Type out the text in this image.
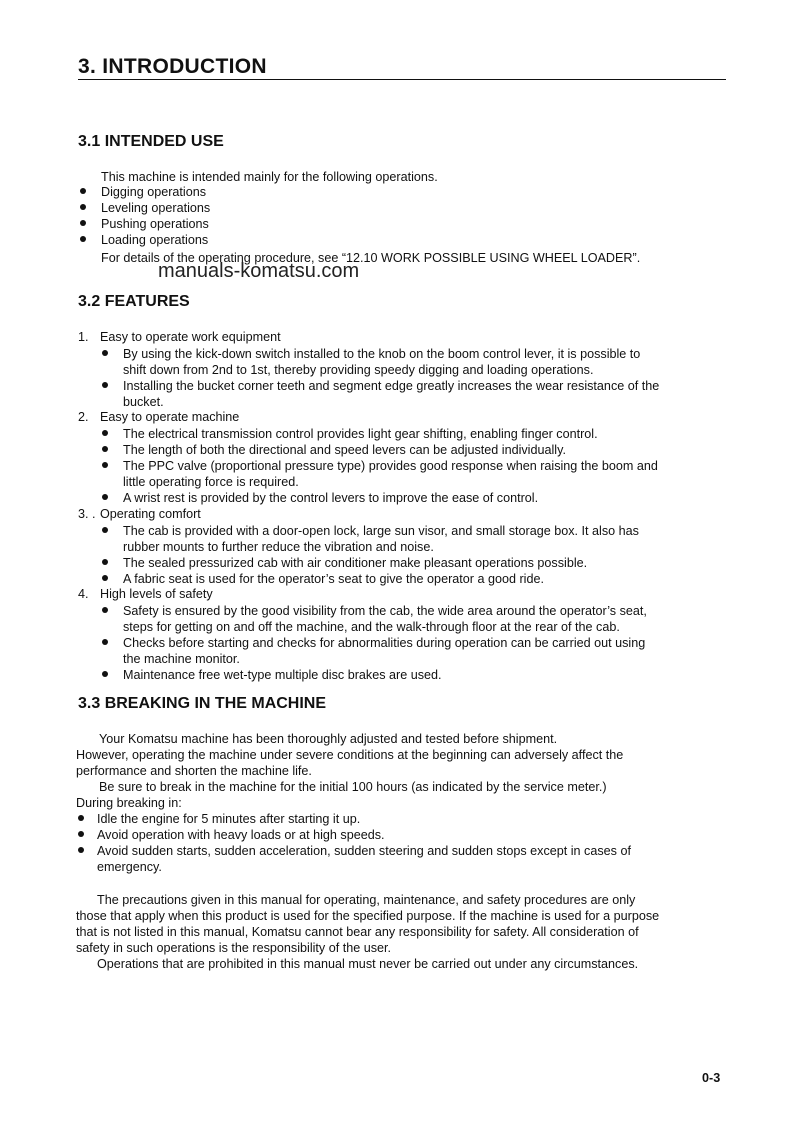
3. INTRODUCTION
3.1 INTENDED USE
This machine is intended mainly for the following operations.
Digging operations
Leveling operations
Pushing operations
Loading operations
For details of the operating procedure, see “12.10 WORK POSSIBLE USING WHEEL LOADER”.
manuals-komatsu.com
3.2 FEATURES
1. Easy to operate work equipment
By using the kick-down switch installed to the knob on the boom control lever, it is possible to
shift down from 2nd to 1st, thereby providing speedy digging and loading operations.
Installing the bucket corner teeth and segment edge greatly increases the wear resistance of the
bucket.
2. Easy to operate machine
The electrical transmission control provides light gear shifting, enabling finger control.
The length of both the directional and speed levers can be adjusted individually.
The PPC valve (proportional pressure type) provides good response when raising the boom and
little operating force is required.
A wrist rest is provided by the control levers to improve the ease of control.
3. . Operating comfort
The cab is provided with a door-open lock, large sun visor, and small storage box. It also has
rubber mounts to further reduce the vibration and noise.
The sealed pressurized cab with air conditioner make pleasant operations possible.
A fabric seat is used for the operator’s seat to give the operator a good ride.
4. High levels of safety
Safety is ensured by the good visibility from the cab, the wide area around the operator’s seat,
steps for getting on and off the machine, and the walk-through floor at the rear of the cab.
Checks before starting and checks for abnormalities during operation can be carried out using
the machine monitor.
Maintenance free wet-type multiple disc brakes are used.
3.3 BREAKING IN THE MACHINE
Your Komatsu machine has been thoroughly adjusted and tested before shipment.
However, operating the machine under severe conditions at the beginning can adversely affect the
performance and shorten the machine life.
Be sure to break in the machine for the initial 100 hours (as indicated by the service meter.)
During breaking in:
Idle the engine for 5 minutes after starting it up.
Avoid operation with heavy loads or at high speeds.
Avoid sudden starts, sudden acceleration, sudden steering and sudden stops except in cases of
emergency.
The precautions given in this manual for operating, maintenance, and safety procedures are only
those that apply when this product is used for the specified purpose. If the machine is used for a purpose
that is not listed in this manual, Komatsu cannot bear any responsibility for safety. All consideration of
safety in such operations is the responsibility of the user.
Operations that are prohibited in this manual must never be carried out under any circumstances.
0-3
